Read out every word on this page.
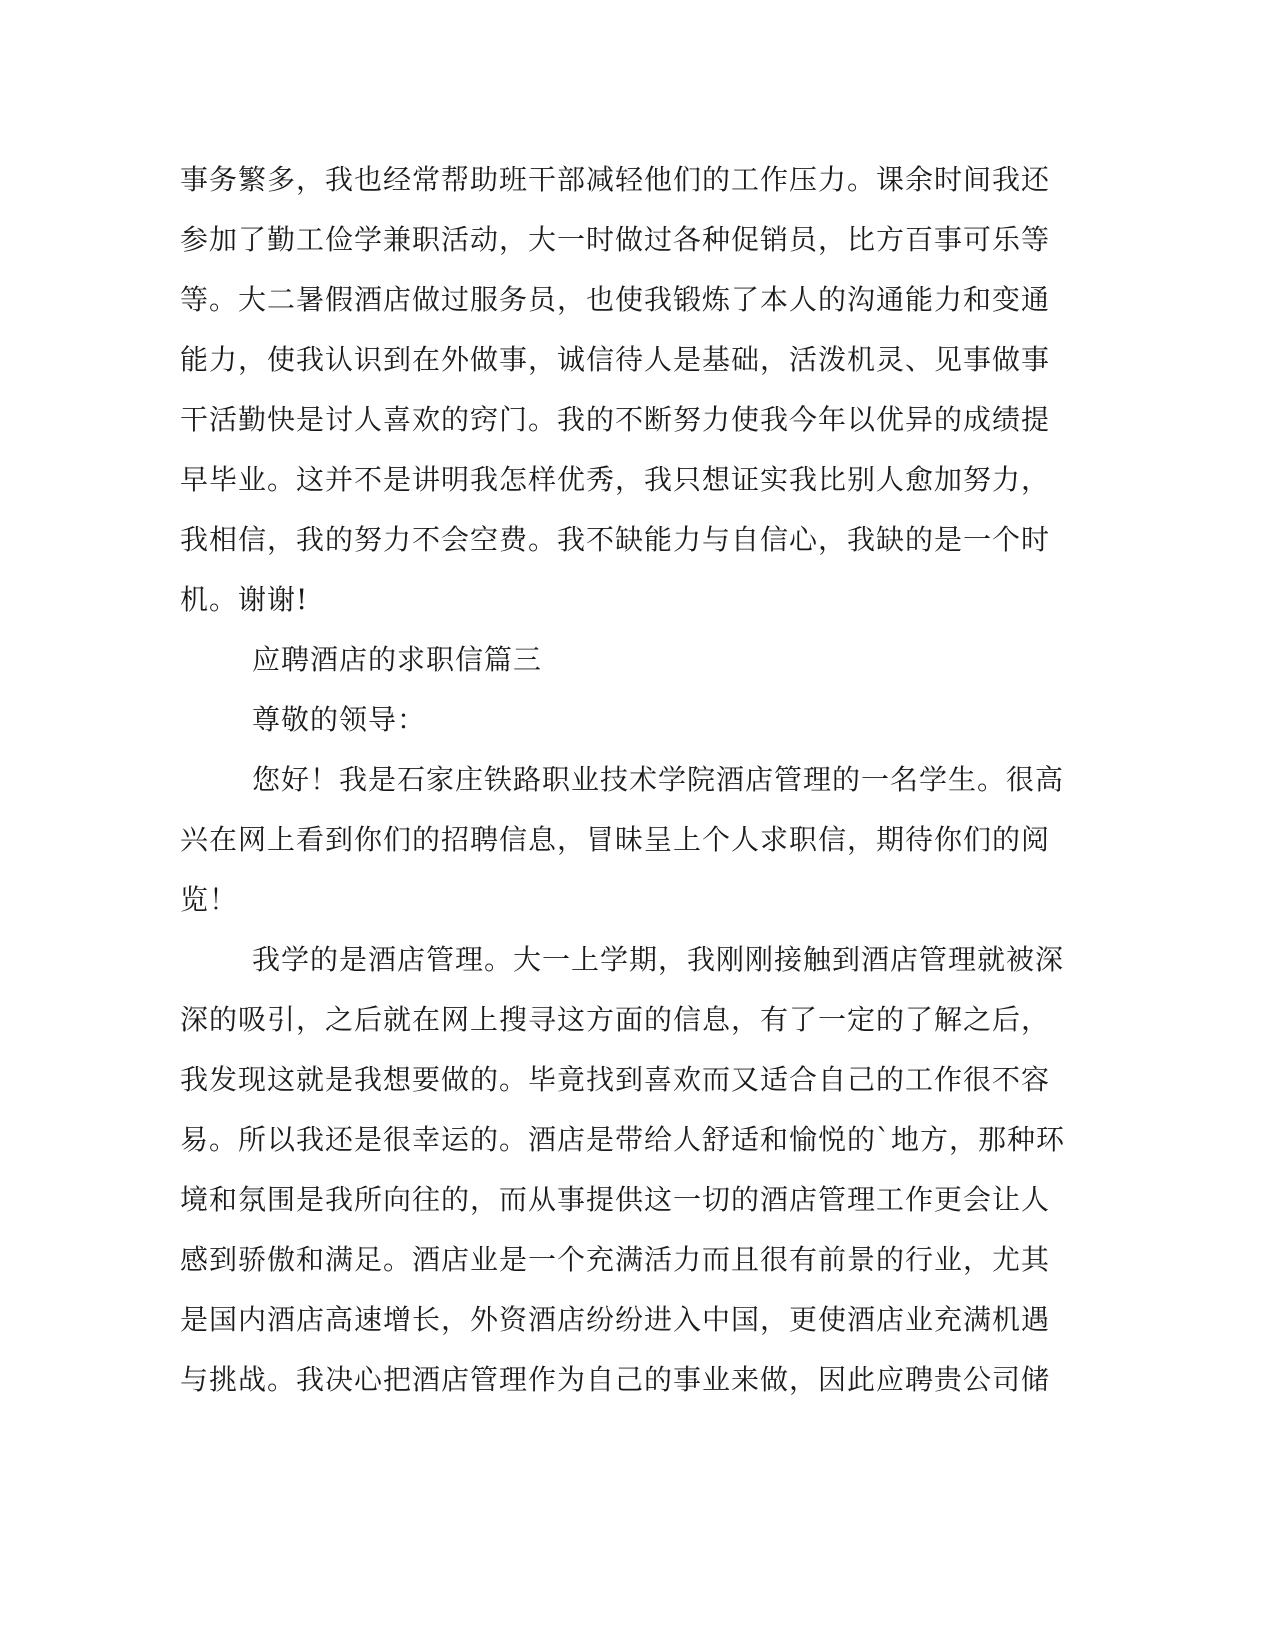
事务繁多，我也经常帮助班干部减轻他们的工作压力。课余时间我还
参加了勤工俭学兼职活动，大一时做过各种促销员，比方百事可乐等
等。大二暑假酒店做过服务员，也使我锻炼了本人的沟通能力和变通
能力，使我认识到在外做事，诚信待人是基础，活泼机灵、见事做事
干活勤快是讨人喜欢的窍门。我的不断努力使我今年以优异的成绩提
早毕业。这并不是讲明我怎样优秀，我只想证实我比别人愈加努力，
我相信，我的努力不会空费。我不缺能力与自信心，我缺的是一个时
机。谢谢!
应聘酒店的求职信篇三
尊敬的领导：
您好！我是石家庄铁路职业技术学院酒店管理的一名学生。很高
兴在网上看到你们的招聘信息，冒昧呈上个人求职信，期待你们的阅
览！
我学的是酒店管理。大一上学期，我刚刚接触到酒店管理就被深
深的吸引，之后就在网上搜寻这方面的信息，有了一定的了解之后，
我发现这就是我想要做的。毕竟找到喜欢而又适合自己的工作很不容
易。所以我还是很幸运的。酒店是带给人舒适和愉悦的`地方，那种环
境和氛围是我所向往的，而从事提供这一切的酒店管理工作更会让人
感到骄傲和满足。酒店业是一个充满活力而且很有前景的行业，尤其
是国内酒店高速增长，外资酒店纷纷进入中国，更使酒店业充满机遇
与挑战。我决心把酒店管理作为自己的事业来做，因此应聘贵公司储
